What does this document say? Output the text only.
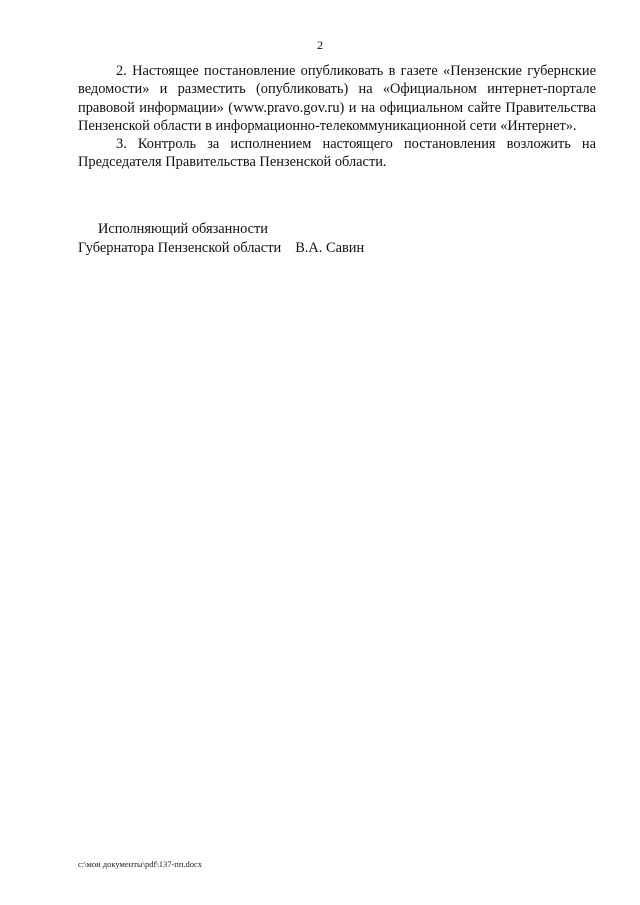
2

2. Настоящее постановление опубликовать в газете «Пензенские губернские ведомости» и разместить (опубликовать) на «Официальном интернет-портале правовой информации» (www.pravo.gov.ru) и на официальном сайте Правительства Пензенской области в информационно-телекоммуникационной сети «Интернет».

3. Контроль за исполнением настоящего постановления возложить на Председателя Правительства Пензенской области.

Исполняющий обязанности
Губернатора Пензенской области В.А. Савин
c:\мои документы\pdf\137-пп.docx
